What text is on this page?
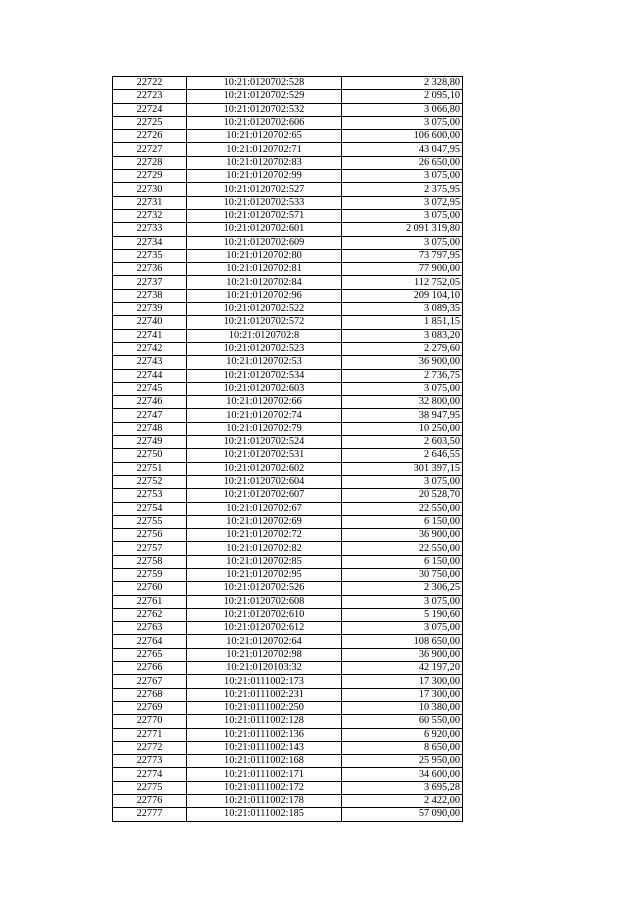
22722	10:21:0120702:528	2 328,80
22723	10:21:0120702:529	2 095,10
22724	10:21:0120702:532	3 066,80
22725	10:21:0120702:606	3 075,00
22726	10:21:0120702:65	106 600,00
22727	10:21:0120702:71	43 047,95
22728	10:21:0120702:83	26 650,00
22729	10:21:0120702:99	3 075,00
22730	10:21:0120702:527	2 375,95
22731	10:21:0120702:533	3 072,95
22732	10:21:0120702:571	3 075,00
22733	10:21:0120702:601	2 091 319,80
22734	10:21:0120702:609	3 075,00
22735	10:21:0120702:80	73 797,95
22736	10:21:0120702:81	77 900,00
22737	10:21:0120702:84	112 752,05
22738	10:21:0120702:96	209 104,10
22739	10:21:0120702:522	3 089,35
22740	10:21:0120702:572	1 851,15
22741	10:21:0120702:8	3 083,20
22742	10:21:0120702:523	2 279,60
22743	10:21:0120702:53	36 900,00
22744	10:21:0120702:534	2 736,75
22745	10:21:0120702:603	3 075,00
22746	10:21:0120702:66	32 800,00
22747	10:21:0120702:74	38 947,95
22748	10:21:0120702:79	10 250,00
22749	10:21:0120702:524	2 603,50
22750	10:21:0120702:531	2 646,55
22751	10:21:0120702:602	301 397,15
22752	10:21:0120702:604	3 075,00
22753	10:21:0120702:607	20 528,70
22754	10:21:0120702:67	22 550,00
22755	10:21:0120702:69	6 150,00
22756	10:21:0120702:72	36 900,00
22757	10:21:0120702:82	22 550,00
22758	10:21:0120702:85	6 150,00
22759	10:21:0120702:95	30 750,00
22760	10:21:0120702:526	2 306,25
22761	10:21:0120702:608	3 075,00
22762	10:21:0120702:610	5 190,60
22763	10:21:0120702:612	3 075,00
22764	10:21:0120702:64	108 650,00
22765	10:21:0120702:98	36 900,00
22766	10:21:0120103:32	42 197,20
22767	10:21:0111002:173	17 300,00
22768	10:21:0111002:231	17 300,00
22769	10:21:0111002:250	10 380,00
22770	10:21:0111002:128	60 550,00
22771	10:21:0111002:136	6 920,00
22772	10:21:0111002:143	8 650,00
22773	10:21:0111002:168	25 950,00
22774	10:21:0111002:171	34 600,00
22775	10:21:0111002:172	3 695,28
22776	10:21:0111002:178	2 422,00
22777	10:21:0111002:185	57 090,00
